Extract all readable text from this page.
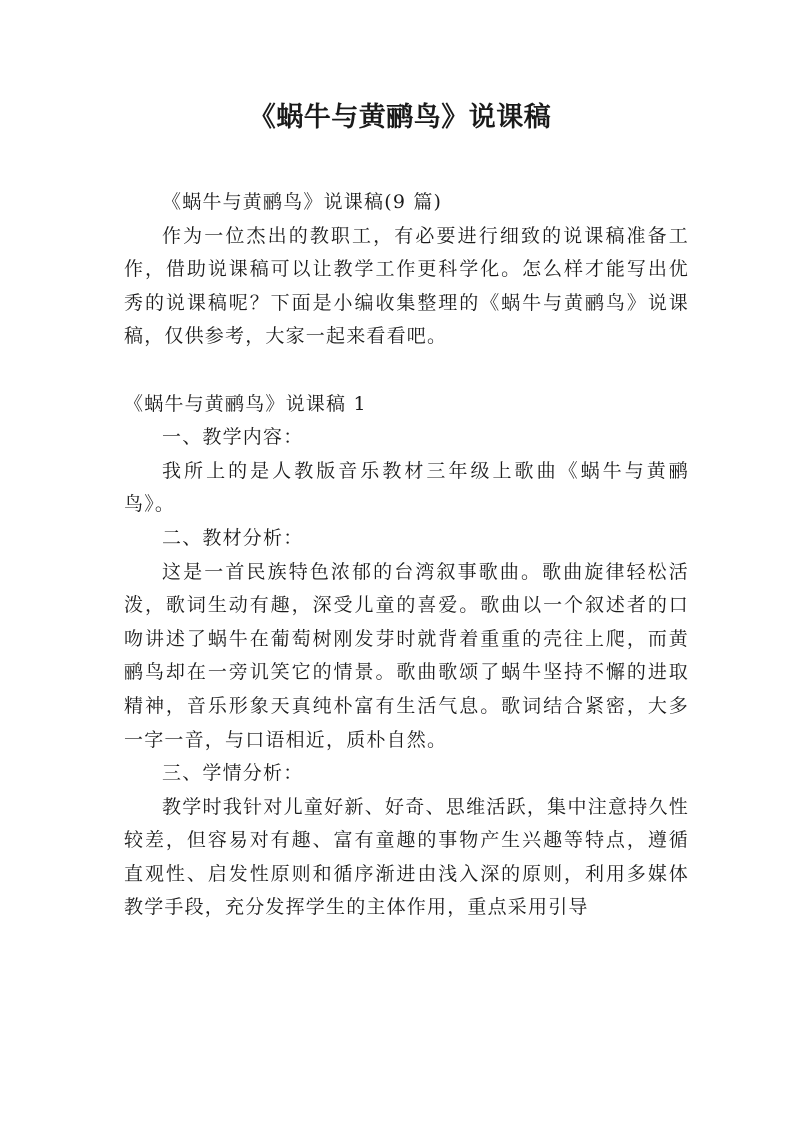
《蜗牛与黄鹂鸟》说课稿

《蜗牛与黄鹂鸟》说课稿(9 篇)

作为一位杰出的教职工，有必要进行细致的说课稿准备工作，借助说课稿可以让教学工作更科学化。怎么样才能写出优秀的说课稿呢？下面是小编收集整理的《蜗牛与黄鹂鸟》说课稿，仅供参考，大家一起来看看吧。

《蜗牛与黄鹂鸟》说课稿 1

一、教学内容：

我所上的是人教版音乐教材三年级上歌曲《蜗牛与黄鹂鸟》。

二、教材分析：

这是一首民族特色浓郁的台湾叙事歌曲。歌曲旋律轻松活泼，歌词生动有趣，深受儿童的喜爱。歌曲以一个叙述者的口吻讲述了蜗牛在葡萄树刚发芽时就背着重重的壳往上爬，而黄鹂鸟却在一旁讥笑它的情景。歌曲歌颂了蜗牛坚持不懈的进取精神，音乐形象天真纯朴富有生活气息。歌词结合紧密，大多一字一音，与口语相近，质朴自然。

三、学情分析：

教学时我针对儿童好新、好奇、思维活跃，集中注意持久性较差，但容易对有趣、富有童趣的事物产生兴趣等特点，遵循直观性、启发性原则和循序渐进由浅入深的原则，利用多媒体教学手段，充分发挥学生的主体作用，重点采用引导
